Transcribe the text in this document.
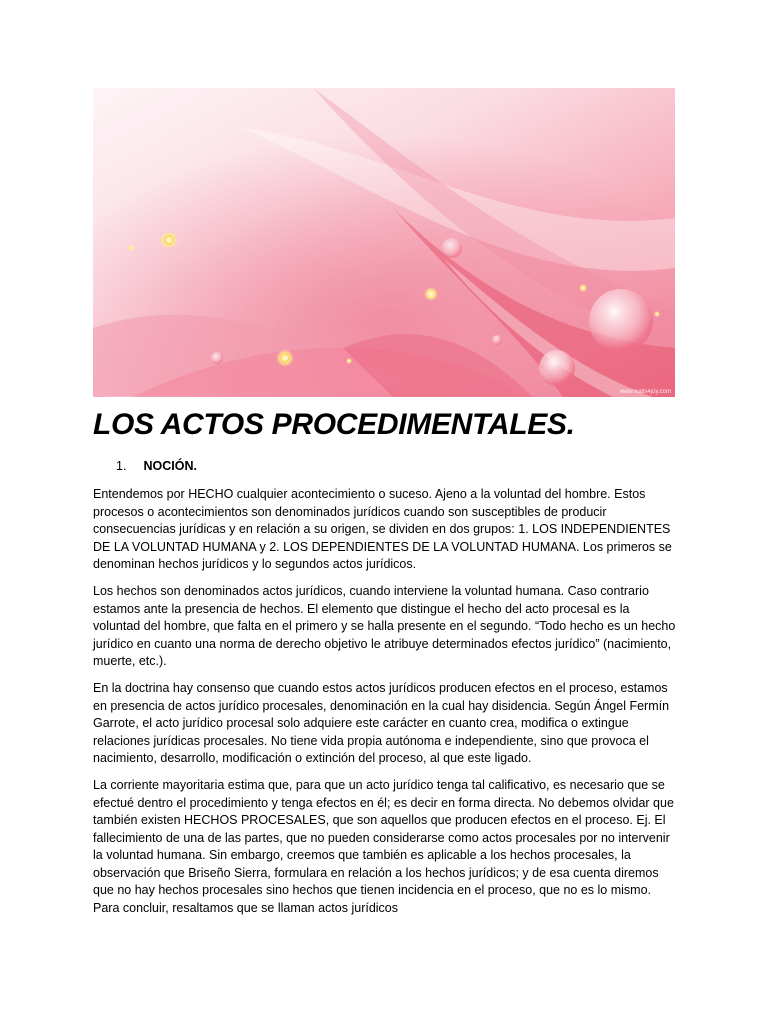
www.walls4joy.com
LOS ACTOS PROCEDIMENTALES.
1. NOCIÓN.

Entendemos por HECHO cualquier acontecimiento o suceso. Ajeno a la voluntad del hombre. Estos procesos o acontecimientos son denominados jurídicos cuando son susceptibles de producir consecuencias jurídicas y en relación a su origen, se dividen en dos grupos: 1. LOS INDEPENDIENTES DE LA VOLUNTAD HUMANA y 2. LOS DEPENDIENTES DE LA VOLUNTAD HUMANA. Los primeros se denominan hechos jurídicos y lo segundos actos jurídicos.

Los hechos son denominados actos jurídicos, cuando interviene la voluntad humana. Caso contrario estamos ante la presencia de hechos. El elemento que distingue el hecho del acto procesal es la voluntad del hombre, que falta en el primero y se halla presente en el segundo. “Todo hecho es un hecho jurídico en cuanto una norma de derecho objetivo le atribuye determinados efectos jurídico” (nacimiento, muerte, etc.).

En la doctrina hay consenso que cuando estos actos jurídicos producen efectos en el proceso, estamos en presencia de actos jurídico procesales, denominación en la cual hay disidencia. Según Ángel Fermín Garrote, el acto jurídico procesal solo adquiere este carácter en cuanto crea, modifica o extingue relaciones jurídicas procesales. No tiene vida propia autónoma e independiente, sino que provoca el nacimiento, desarrollo, modificación o extinción del proceso, al que este ligado.

La corriente mayoritaria estima que, para que un acto jurídico tenga tal calificativo, es necesario que se efectué dentro el procedimiento y tenga efectos en él; es decir en forma directa. No debemos olvidar que también existen HECHOS PROCESALES, que son aquellos que producen efectos en el proceso. Ej. El fallecimiento de una de las partes, que no pueden considerarse como actos procesales por no intervenir la voluntad humana. Sin embargo, creemos que también es aplicable a los hechos procesales, la observación que Briseño Sierra, formulara en relación a los hechos jurídicos; y de esa cuenta diremos que no hay hechos procesales sino hechos que tienen incidencia en el proceso, que no es lo mismo. Para concluir, resaltamos que se llaman actos jurídicos
